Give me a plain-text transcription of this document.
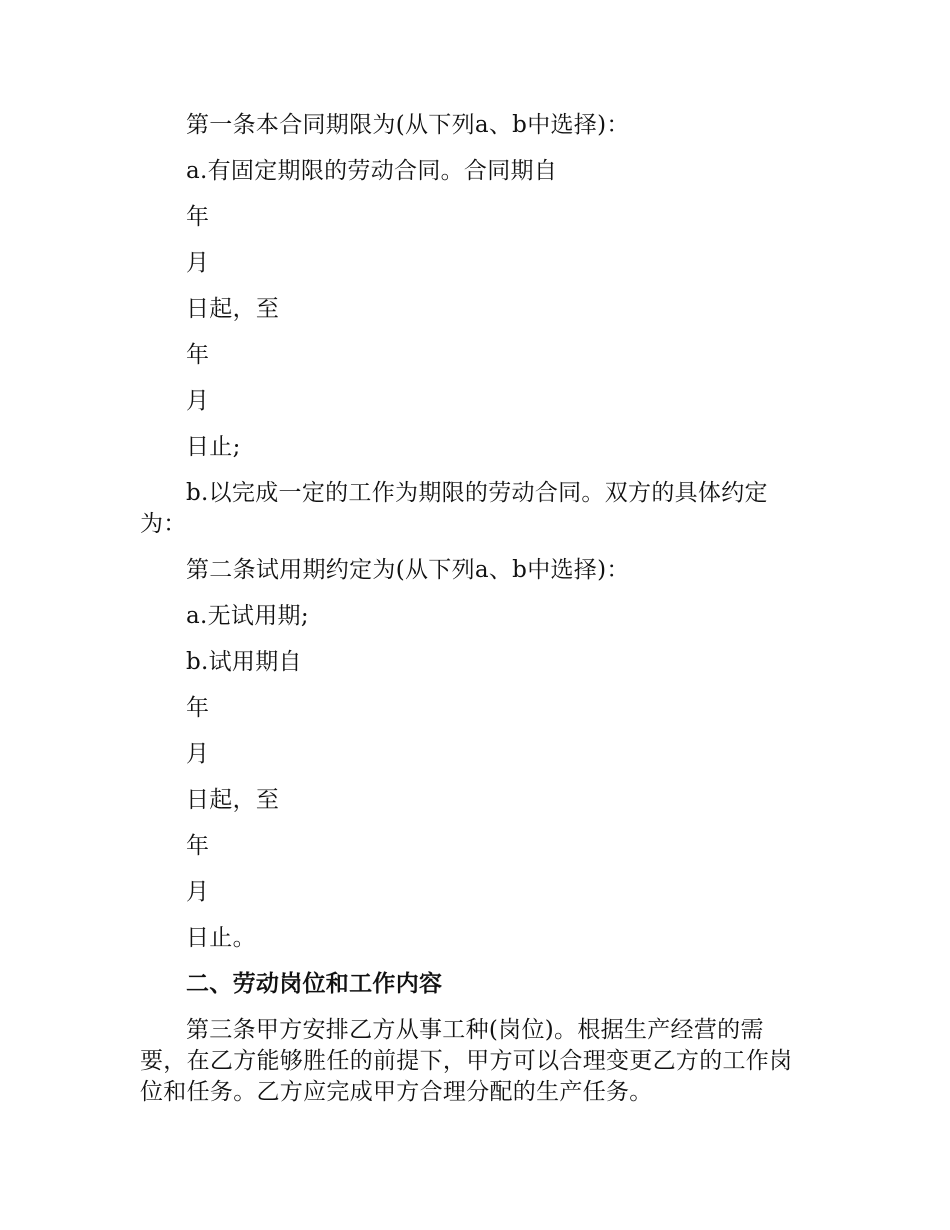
第一条本合同期限为(从下列a、b中选择)：

a.有固定期限的劳动合同。合同期自

年

月

日起，至

年

月

日止;

b.以完成一定的工作为期限的劳动合同。双方的具体约定为：

第二条试用期约定为(从下列a、b中选择)：

a.无试用期;

b.试用期自

年

月

日起，至

年

月

日止。

二、劳动岗位和工作内容

第三条甲方安排乙方从事工种(岗位)。根据生产经营的需要，在乙方能够胜任的前提下，甲方可以合理变更乙方的工作岗位和任务。乙方应完成甲方合理分配的生产任务。
